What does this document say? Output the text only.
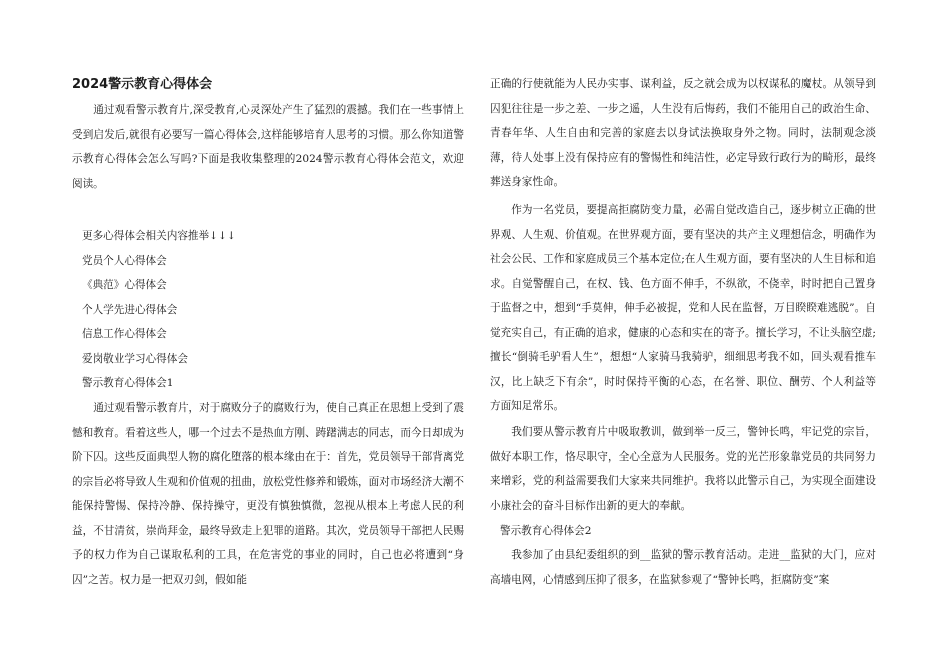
2024警示教育心得体会

通过观看警示教育片,深受教育,心灵深处产生了猛烈的震撼。我们在一些事情上受到启发后,就很有必要写一篇心得体会,这样能够培育人思考的习惯。那么你知道警示教育心得体会怎么写吗?下面是我收集整理的2024警示教育心得体会范文，欢迎阅读。

更多心得体会相关内容推举↓↓↓
党员个人心得体会
《典范》心得体会
个人学先进心得体会
信息工作心得体会
爱岗敬业学习心得体会
警示教育心得体会1

通过观看警示教育片，对于腐败分子的腐败行为，使自己真正在思想上受到了震憾和教育。看着这些人，哪一个过去不是热血方刚、踌躇满志的同志，而今日却成为阶下囚。这些反面典型人物的腐化堕落的根本缘由在于：首先，党员领导干部背离党的宗旨必将导致人生观和价值观的扭曲，放松党性修养和锻炼，面对市场经济大潮不能保持警惕、保持冷静、保持操守，更没有慎独慎微，忽视从根本上考虑人民的利益，不甘清贫，崇尚拜金，最终导致走上犯罪的道路。其次，党员领导干部把人民赐予的权力作为自己谋取私利的工具，在危害党的事业的同时，自己也必将遭到“身囚”之苦。权力是一把双刃剑，假如能

正确的行使就能为人民办实事、谋利益，反之就会成为以权谋私的魔杖。从领导到囚犯往往是一步之差、一步之遥，人生没有后悔药，我们不能用自己的政治生命、青春年华、人生自由和完善的家庭去以身试法换取身外之物。同时，法制观念淡薄，待人处事上没有保持应有的警惕性和纯洁性，必定导致行政行为的畸形，最终葬送身家性命。

作为一名党员，要提高拒腐防变力量，必需自觉改造自己，逐步树立正确的世界观、人生观、价值观。在世界观方面，要有坚决的共产主义理想信念，明确作为社会公民、工作和家庭成员三个基本定位;在人生观方面，要有坚决的人生目标和追求。自觉警醒自己，在权、钱、色方面不伸手，不纵欲，不侥幸，时时把自己置身于监督之中，想到“手莫伸，伸手必被捉，党和人民在监督，万目睽睽难逃脱”。自觉充实自己，有正确的追求，健康的心态和实在的寄予。擅长学习，不让头脑空虚;擅长“倒骑毛驴看人生”，想想“人家骑马我骑驴，细细思考我不如，回头观看推车汉，比上缺乏下有余”，时时保持平衡的心态，在名誉、职位、酬劳、个人利益等方面知足常乐。

我们要从警示教育片中吸取教训，做到举一反三，警钟长鸣，牢记党的宗旨，做好本职工作，恪尽职守，全心全意为人民服务。党的光芒形象靠党员的共同努力来增彩，党的利益需要我们大家来共同维护。我将以此警示自己，为实现全面建设小康社会的奋斗目标作出新的更大的奉献。

警示教育心得体会2

我参加了由县纪委组织的到__监狱的警示教育活动。走进__监狱的大门，应对高墙电网，心情感到压抑了很多，在监狱参观了“警钟长鸣，拒腐防变”案
